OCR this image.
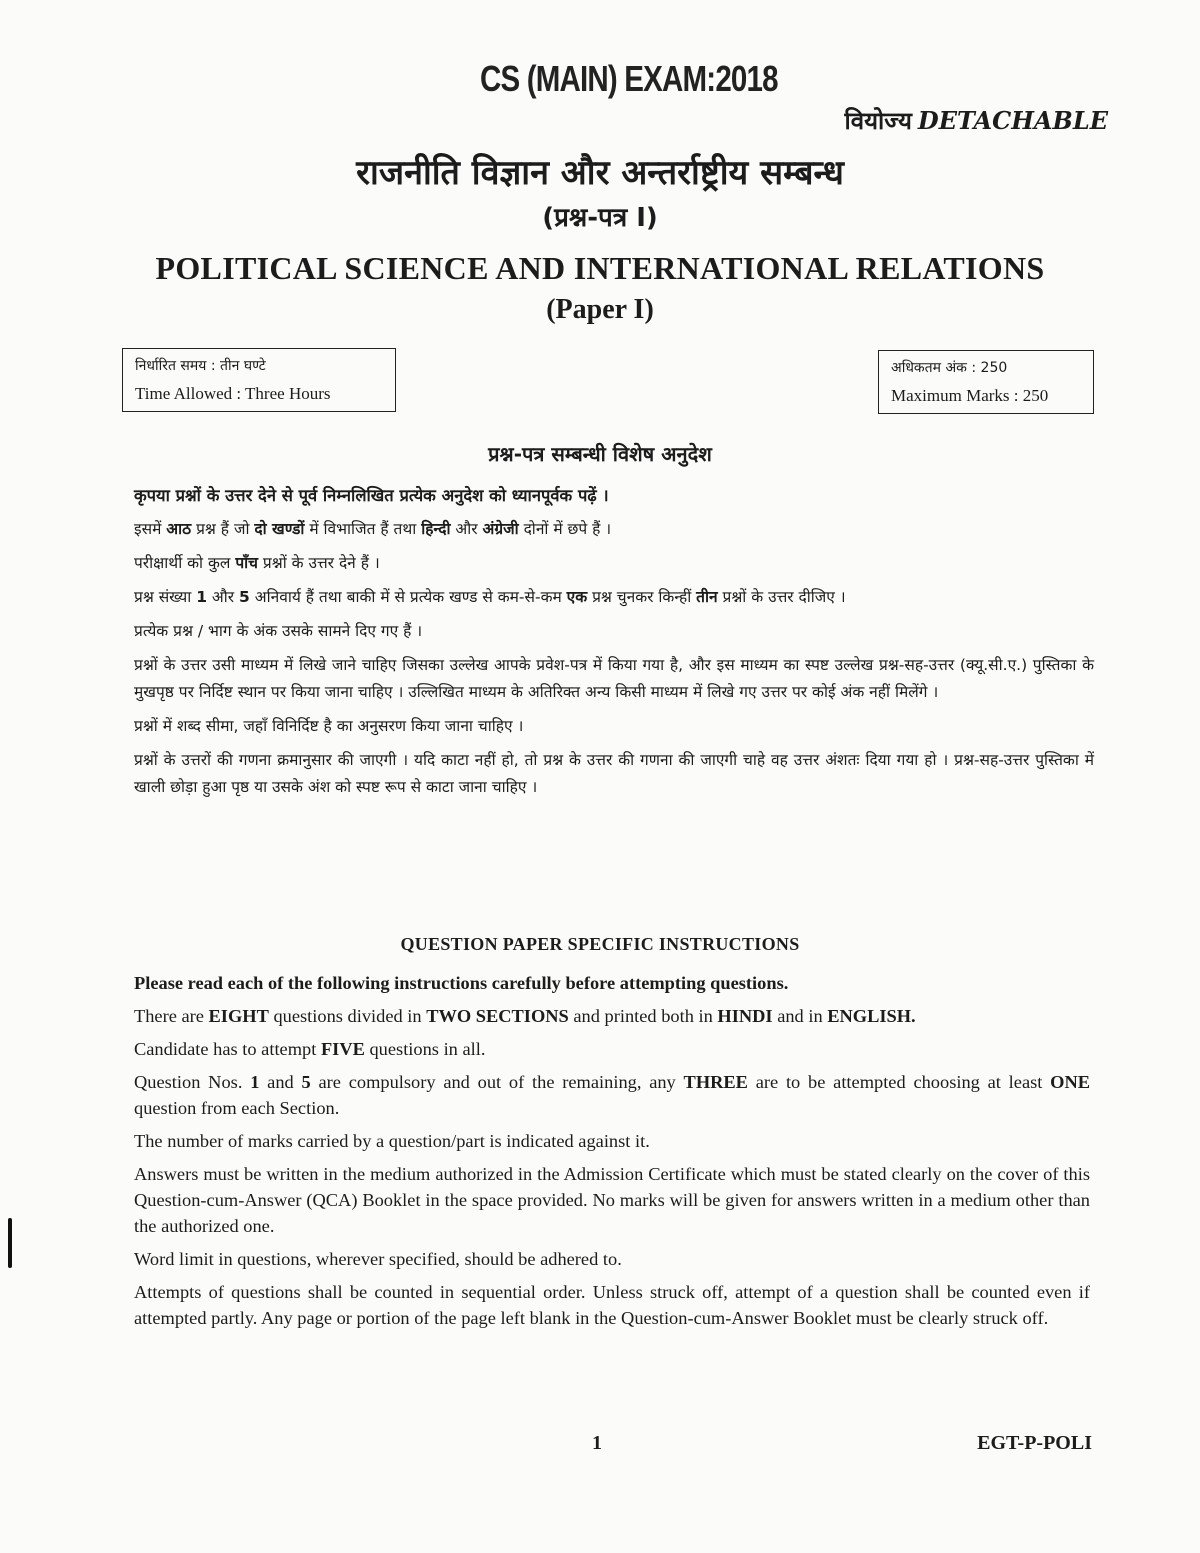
CS (MAIN) EXAM:2018
वियोज्य DETACHABLE
राजनीति विज्ञान और अन्तर्राष्ट्रीय सम्बन्ध
(प्रश्न-पत्र I)
POLITICAL SCIENCE AND INTERNATIONAL RELATIONS
(Paper I)
निर्धारित समय : तीन घण्टे
Time Allowed : Three Hours
अधिकतम अंक : 250
Maximum Marks : 250
प्रश्न-पत्र सम्बन्धी विशेष अनुदेश

कृपया प्रश्नों के उत्तर देने से पूर्व निम्नलिखित प्रत्येक अनुदेश को ध्यानपूर्वक पढ़ें ।

इसमें आठ प्रश्न हैं जो दो खण्डों में विभाजित हैं तथा हिन्दी और अंग्रेजी दोनों में छपे हैं ।

परीक्षार्थी को कुल पाँच प्रश्नों के उत्तर देने हैं ।

प्रश्न संख्या 1 और 5 अनिवार्य हैं तथा बाकी में से प्रत्येक खण्ड से कम-से-कम एक प्रश्न चुनकर किन्हीं तीन प्रश्नों के उत्तर दीजिए ।

प्रत्येक प्रश्न / भाग के अंक उसके सामने दिए गए हैं ।

प्रश्नों के उत्तर उसी माध्यम में लिखे जाने चाहिए जिसका उल्लेख आपके प्रवेश-पत्र में किया गया है, और इस माध्यम का स्पष्ट उल्लेख प्रश्न-सह-उत्तर (क्यू.सी.ए.) पुस्तिका के मुखपृष्ठ पर निर्दिष्ट स्थान पर किया जाना चाहिए । उल्लिखित माध्यम के अतिरिक्त अन्य किसी माध्यम में लिखे गए उत्तर पर कोई अंक नहीं मिलेंगे ।

प्रश्नों में शब्द सीमा, जहाँ विनिर्दिष्ट है का अनुसरण किया जाना चाहिए ।

प्रश्नों के उत्तरों की गणना क्रमानुसार की जाएगी । यदि काटा नहीं हो, तो प्रश्न के उत्तर की गणना की जाएगी चाहे वह उत्तर अंशतः दिया गया हो । प्रश्न-सह-उत्तर पुस्तिका में खाली छोड़ा हुआ पृष्ठ या उसके अंश को स्पष्ट रूप से काटा जाना चाहिए ।

QUESTION PAPER SPECIFIC INSTRUCTIONS

Please read each of the following instructions carefully before attempting questions.

There are EIGHT questions divided in TWO SECTIONS and printed both in HINDI and in ENGLISH.

Candidate has to attempt FIVE questions in all.

Question Nos. 1 and 5 are compulsory and out of the remaining, any THREE are to be attempted choosing at least ONE question from each Section.

The number of marks carried by a question/part is indicated against it.

Answers must be written in the medium authorized in the Admission Certificate which must be stated clearly on the cover of this Question-cum-Answer (QCA) Booklet in the space provided. No marks will be given for answers written in a medium other than the authorized one.

Word limit in questions, wherever specified, should be adhered to.

Attempts of questions shall be counted in sequential order. Unless struck off, attempt of a question shall be counted even if attempted partly. Any page or portion of the page left blank in the Question-cum-Answer Booklet must be clearly struck off.

1	EGT-P-POLI
